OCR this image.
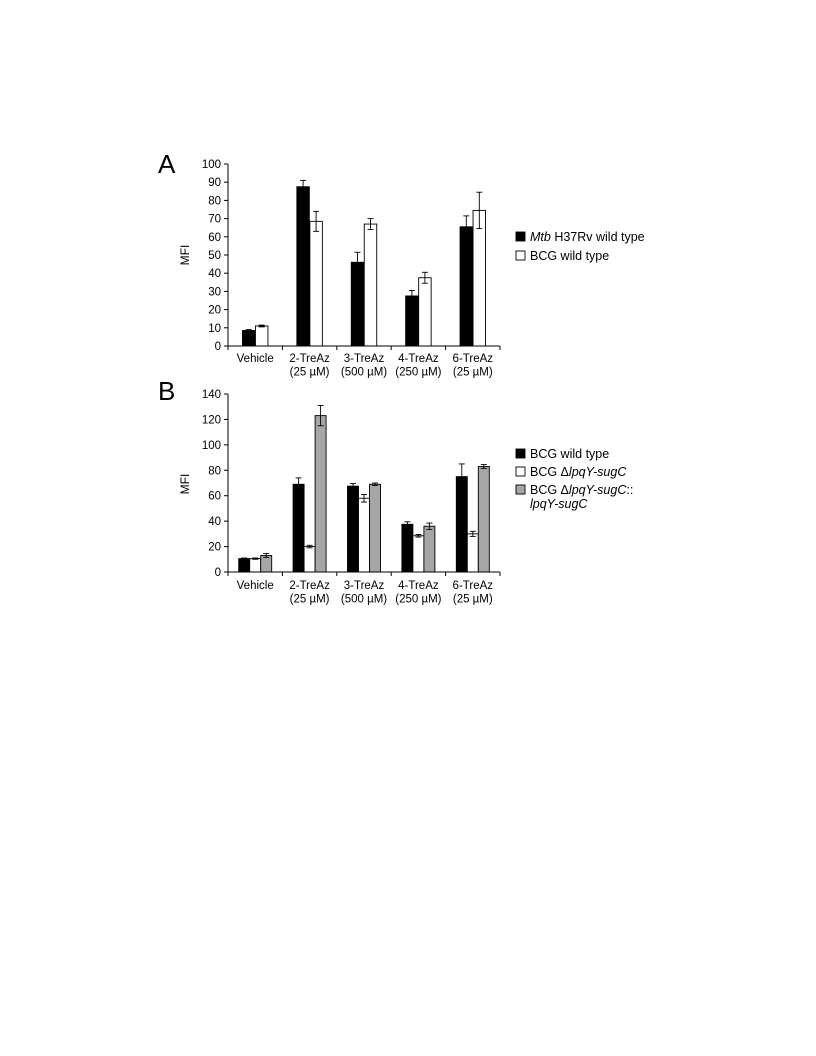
A
MFI
0
10
20
30
40
50
60
70
80
90
100
Vehicle 2-TreAz
(25 µM)
3-TreAz
(500 µM)
4-TreAz
(250 µM)
6-TreAz
(25 µM)
Mtb H37Rv wild type
BCG wild type
B
MFI
0
20
40
60
80
100
120
140
Vehicle 2-TreAz
(25 µM)
3-TreAz
(500 µM)
4-TreAz
(250 µM)
6-TreAz
(25 µM)
BCG wild type
BCG ΔlpqY-sugC
BCG ΔlpqY-sugC::
lpqY-sugC
